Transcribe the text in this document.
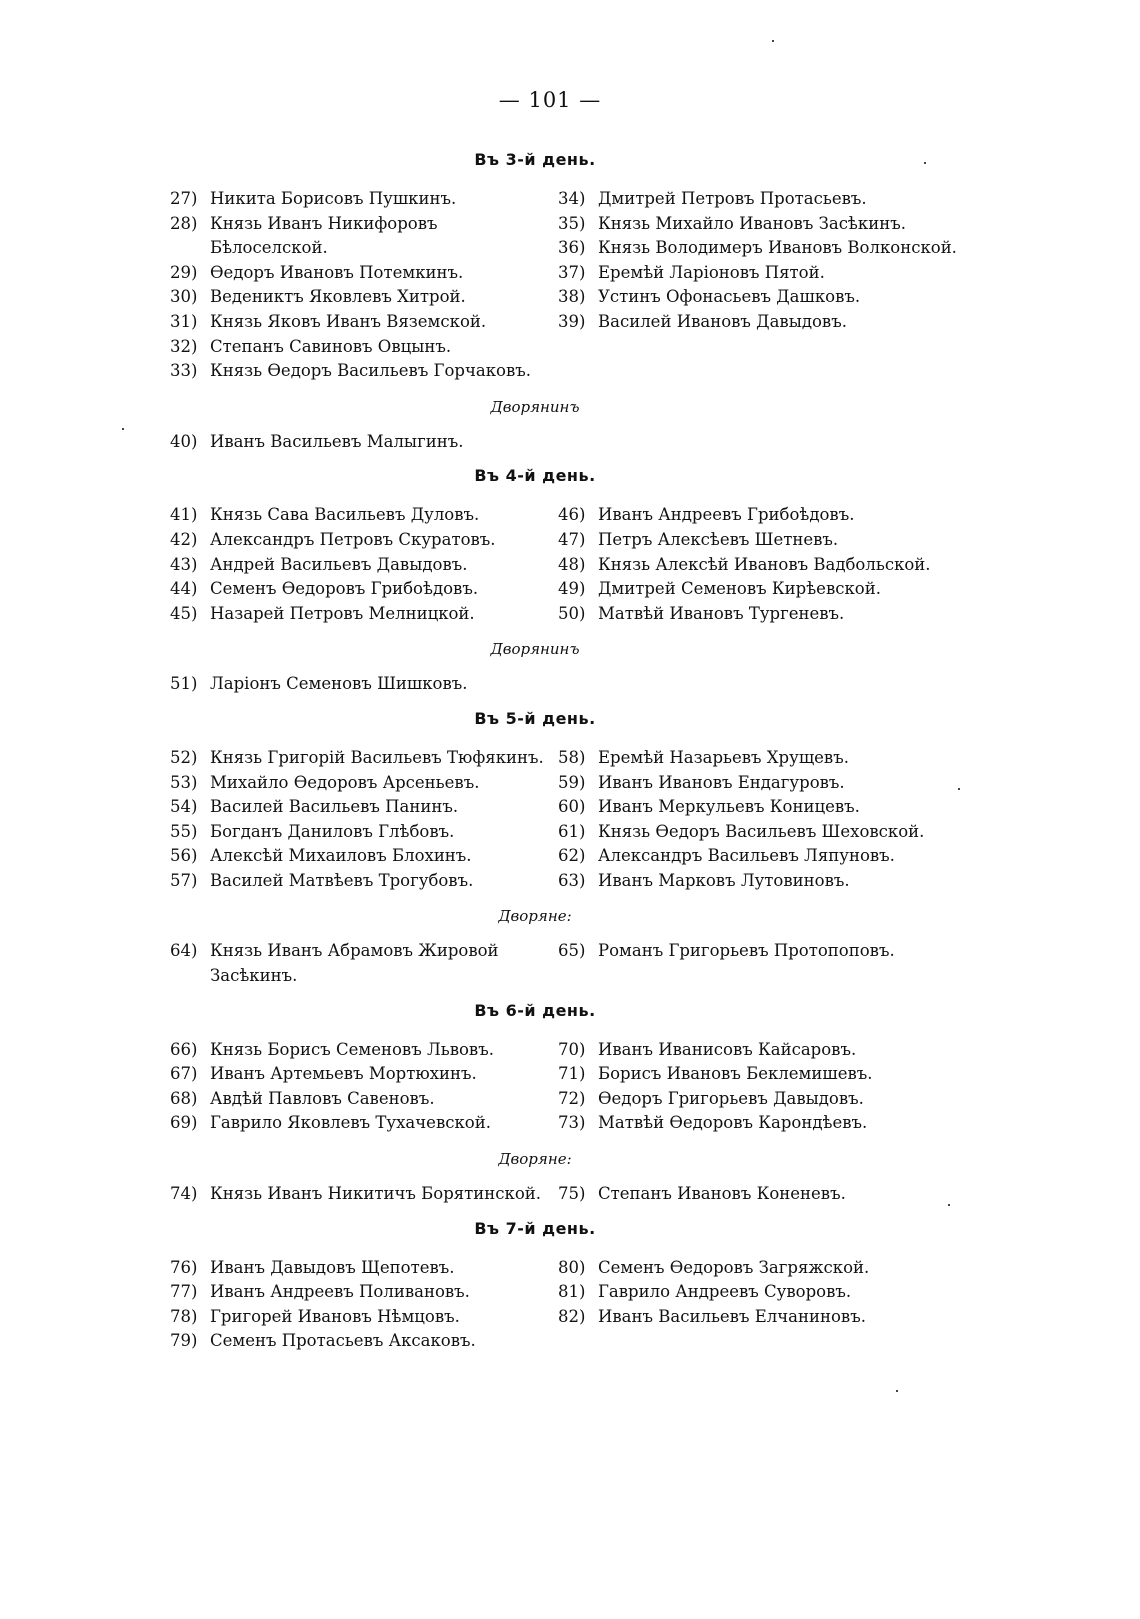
— 101 —
Въ 3-й день.
27) Никита Борисовъ Пушкинъ.
28) Князь Иванъ Никифоровъ Бѣлоселской.
29) Ѳедоръ Ивановъ Потемкинъ.
30) Ведениктъ Яковлевъ Хитрой.
31) Князь Яковъ Иванъ Вяземской.
32) Степанъ Савиновъ Овцынъ.
33) Князь Ѳедоръ Васильевъ Горчаковъ.
34) Дмитрей Петровъ Протасьевъ.
35) Князь Михайло Ивановъ Засѣкинъ.
36) Князь Володимеръ Ивановъ Волконской.
37) Еремѣй Ларіоновъ Пятой.
38) Устинъ Офонасьевъ Дашковъ.
39) Василей Ивановъ Давыдовъ.
Дворянинъ
40) Иванъ Васильевъ Малыгинъ.
Въ 4-й день.
41) Князь Сава Васильевъ Дуловъ.
42) Александръ Петровъ Скуратовъ.
43) Андрей Васильевъ Давыдовъ.
44) Семенъ Ѳедоровъ Грибоѣдовъ.
45) Назарей Петровъ Мелницкой.
46) Иванъ Андреевъ Грибоѣдовъ.
47) Петръ Алексѣевъ Шетневъ.
48) Князь Алексѣй Ивановъ Вадбольской.
49) Дмитрей Семеновъ Кирѣевской.
50) Матвѣй Ивановъ Тургеневъ.
Дворянинъ
51) Ларіонъ Семеновъ Шишковъ.
Въ 5-й день.
52) Князь Григорій Васильевъ Тюфякинъ.
53) Михайло Ѳедоровъ Арсеньевъ.
54) Василей Васильевъ Панинъ.
55) Богданъ Даниловъ Глѣбовъ.
56) Алексѣй Михаиловъ Блохинъ.
57) Василей Матвѣевъ Трогубовъ.
58) Еремѣй Назарьевъ Хрущевъ.
59) Иванъ Ивановъ Ендагуровъ.
60) Иванъ Меркульевъ Коницевъ.
61) Князь Ѳедоръ Васильевъ Шеховской.
62) Александръ Васильевъ Ляпуновъ.
63) Иванъ Марковъ Лутовиновъ.
Дворяне:
64) Князь Иванъ Абрамовъ Жировой Засѣкинъ.
65) Романъ Григорьевъ Протопоповъ.
Въ 6-й день.
66) Князь Борисъ Семеновъ Львовъ.
67) Иванъ Артемьевъ Мортюхинъ.
68) Авдѣй Павловъ Савеновъ.
69) Гаврило Яковлевъ Тухачевской.
70) Иванъ Иванисовъ Кайсаровъ.
71) Борисъ Ивановъ Беклемишевъ.
72) Ѳедоръ Григорьевъ Давыдовъ.
73) Матвѣй Ѳедоровъ Карондѣевъ.
Дворяне:
74) Князь Иванъ Никитичъ Борятинской. 75) Степанъ Ивановъ Коненевъ.
Въ 7-й день.
76) Иванъ Давыдовъ Щепотевъ.
77) Иванъ Андреевъ Поливановъ.
78) Григорей Ивановъ Нѣмцовъ.
79) Семенъ Протасьевъ Аксаковъ.
80) Семенъ Ѳедоровъ Загряжской.
81) Гаврило Андреевъ Суворовъ.
82) Иванъ Васильевъ Елчаниновъ.
